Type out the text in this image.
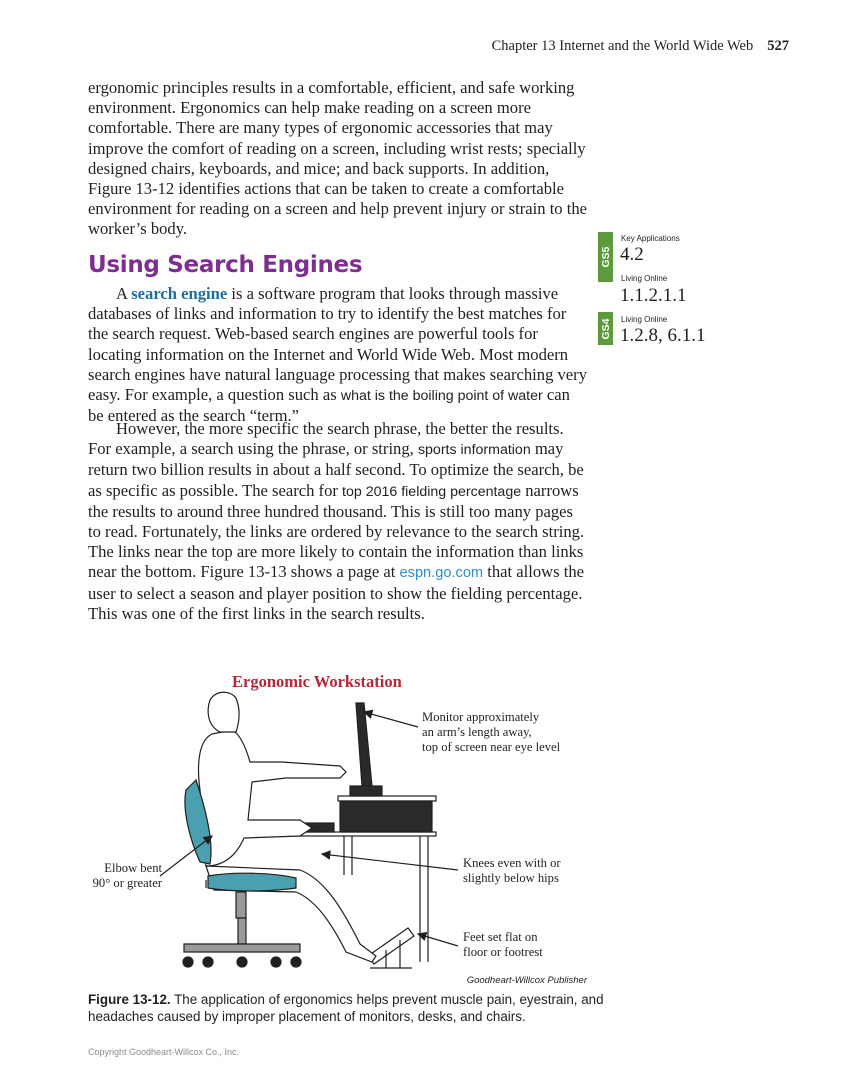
Chapter 13 Internet and the World Wide Web 527

ergonomic principles results in a comfortable, efficient, and safe working environment. Ergonomics can help make reading on a screen more comfortable. There are many types of ergonomic accessories that may improve the comfort of reading on a screen, including wrist rests; specially designed chairs, keyboards, and mice; and back supports. In addition, Figure 13-12 identifies actions that can be taken to create a comfortable environment for reading on a screen and help prevent injury or strain to the worker’s body.

Using Search Engines

A search engine is a software program that looks through massive databases of links and information to try to identify the best matches for the search request. Web-based search engines are powerful tools for locating information on the Internet and World Wide Web. Most modern search engines have natural language processing that makes searching very easy. For example, a question such as what is the boiling point of water can be entered as the search “term.”

However, the more specific the search phrase, the better the results. For example, a search using the phrase, or string, sports information may return two billion results in about a half second. To optimize the search, be as specific as possible. The search for top 2016 fielding percentage narrows the results to around three hundred thousand. This is still too many pages to read. Fortunately, the links are ordered by relevance to the search string. The links near the top are more likely to contain the information than links near the bottom. Figure 13-13 shows a page at espn.go.com that allows the user to select a season and player position to show the fielding percentage. This was one of the first links in the search results.

GS5
GS4
Key Applications
4.2
Living Online
1.1.2.1.1
Living Online
1.2.8, 6.1.1

Ergonomic Workstation

Monitor approximately
an arm’s length away,
top of screen near eye level
Elbow bent
90° or greater
Knees even with or
slightly below hips
Feet set flat on
floor or footrest
Goodheart-Willcox Publisher

Figure 13-12. The application of ergonomics helps prevent muscle pain, eyestrain, and headaches caused by improper placement of monitors, desks, and chairs.

Copyright Goodheart-Willcox Co., Inc.
